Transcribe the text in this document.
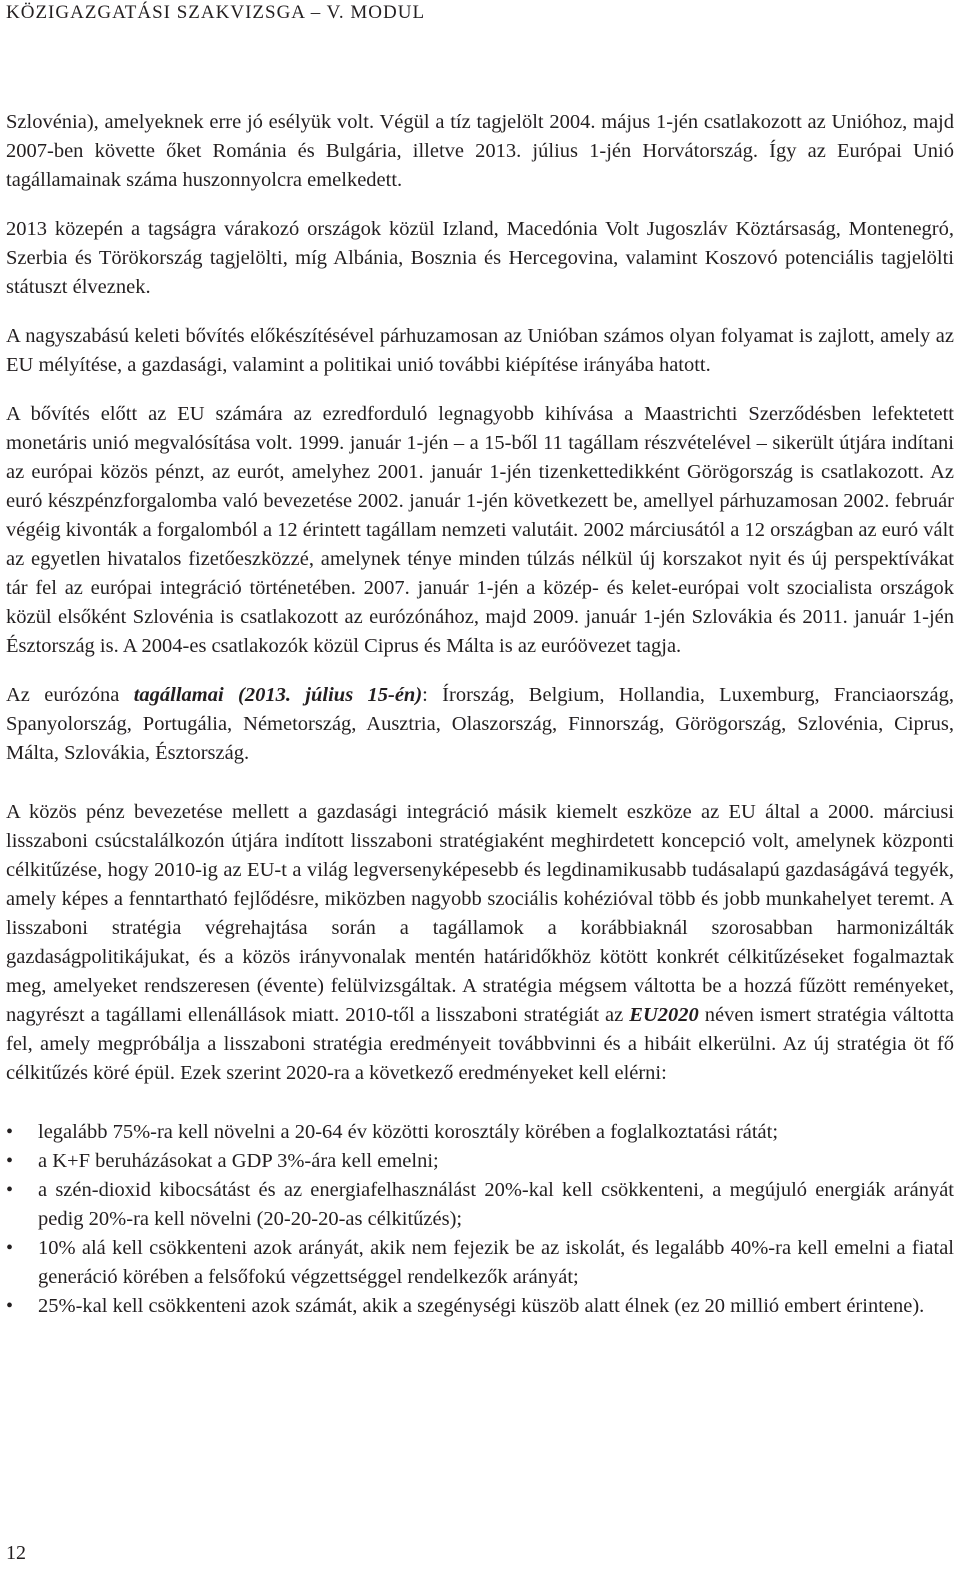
KÖZIGAZGATÁSI SZAKVIZSGA – V. MODUL

Szlovénia), amelyeknek erre jó esélyük volt. Végül a tíz tagjelölt 2004. május 1-jén csatlakozott az Unióhoz, majd 2007-ben követte őket Románia és Bulgária, illetve 2013. július 1-jén Horvátország. Így az Európai Unió tagállamainak száma huszonnyolcra emelkedett.

2013 közepén a tagságra várakozó országok közül Izland, Macedónia Volt Jugoszláv Köztársaság, Montenegró, Szerbia és Törökország tagjelölti, míg Albánia, Bosznia és Hercegovina, valamint Koszovó potenciális tagjelölti státuszt élveznek.

A nagyszabású keleti bővítés előkészítésével párhuzamosan az Unióban számos olyan folyamat is zajlott, amely az EU mélyítése, a gazdasági, valamint a politikai unió további kiépítése irányába hatott.

A bővítés előtt az EU számára az ezredforduló legnagyobb kihívása a Maastrichti Szerződésben lefektetett monetáris unió megvalósítása volt. 1999. január 1-jén – a 15-ből 11 tagállam részvételével – sikerült útjára indítani az európai közös pénzt, az eurót, amelyhez 2001. január 1-jén tizenkettedikként Görögország is csatlakozott. Az euró készpénzforgalomba való bevezetése 2002. január 1-jén következett be, amellyel párhuzamosan 2002. február végéig kivonták a forgalomból a 12 érintett tagállam nemzeti valutáit. 2002 márciusától a 12 országban az euró vált az egyetlen hivatalos fizetőeszközzé, amelynek ténye minden túlzás nélkül új korszakot nyit és új perspektívákat tár fel az európai integráció történetében. 2007. január 1-jén a közép- és kelet-európai volt szocialista országok közül elsőként Szlovénia is csatlakozott az eurózónához, majd 2009. január 1-jén Szlovákia és 2011. január 1-jén Észtország is. A 2004-es csatlakozók közül Ciprus és Málta is az euróövezet tagja.

Az eurózóna tagállamai (2013. július 15-én): Írország, Belgium, Hollandia, Luxemburg, Franciaország, Spanyolország, Portugália, Németország, Ausztria, Olaszország, Finnország, Görögország, Szlovénia, Ciprus, Málta, Szlovákia, Észtország.

A közös pénz bevezetése mellett a gazdasági integráció másik kiemelt eszköze az EU által a 2000. márciusi lisszaboni csúcstalálkozón útjára indított lisszaboni stratégiaként meghirdetett koncepció volt, amelynek központi célkitűzése, hogy 2010-ig az EU-t a világ legversenyképesebb és legdinamikusabb tudásalapú gazdaságává tegyék, amely képes a fenntartható fejlődésre, miközben nagyobb szociális kohézióval több és jobb munkahelyet teremt. A lisszaboni stratégia végrehajtása során a tagállamok a korábbiaknál szorosabban harmonizálták gazdaságpolitikájukat, és a közös irányvonalak mentén határidőkhöz kötött konkrét célkitűzéseket fogalmaztak meg, amelyeket rendszeresen (évente) felülvizsgáltak. A stratégia mégsem váltotta be a hozzá fűzött reményeket, nagyrészt a tagállami ellenállások miatt. 2010-től a lisszaboni stratégiát az EU2020 néven ismert stratégia váltotta fel, amely megpróbálja a lisszaboni stratégia eredményeit továbbvinni és a hibáit elkerülni. Az új stratégia öt fő célkitűzés köré épül. Ezek szerint 2020-ra a következő eredményeket kell elérni:

• legalább 75%-ra kell növelni a 20-64 év közötti korosztály körében a foglalkoztatási rátát;
• a K+F beruházásokat a GDP 3%-ára kell emelni;
• a szén-dioxid kibocsátást és az energiafelhasználást 20%-kal kell csökkenteni, a megújuló energiák arányát pedig 20%-ra kell növelni (20-20-20-as célkitűzés);
• 10% alá kell csökkenteni azok arányát, akik nem fejezik be az iskolát, és legalább 40%-ra kell emelni a fiatal generáció körében a felsőfokú végzettséggel rendelkezők arányát;
• 25%-kal kell csökkenteni azok számát, akik a szegénységi küszöb alatt élnek (ez 20 millió embert érintene).
12
